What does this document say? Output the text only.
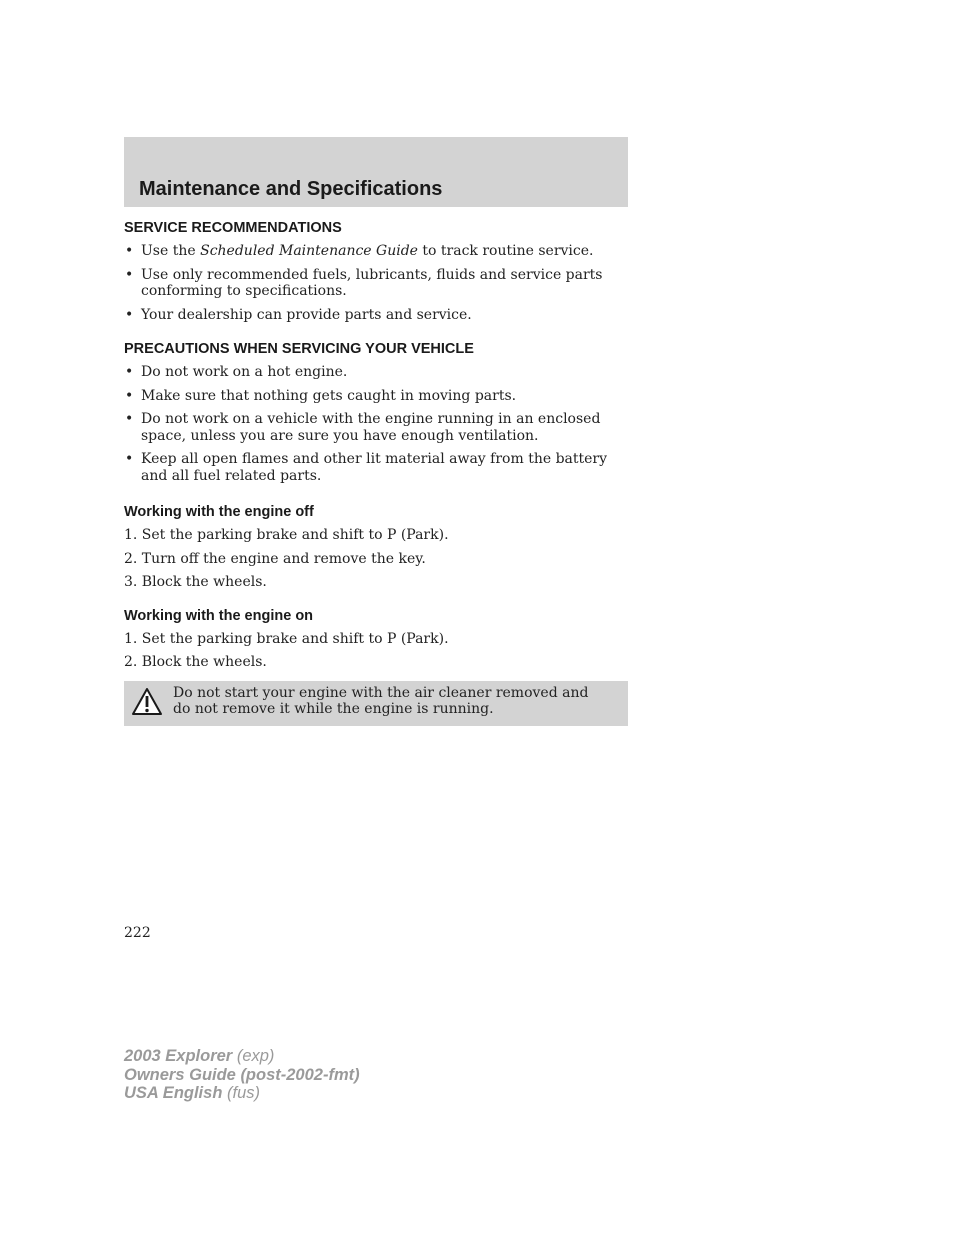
Maintenance and Specifications
SERVICE RECOMMENDATIONS
• Use the Scheduled Maintenance Guide to track routine service.
• Use only recommended fuels, lubricants, fluids and service parts conforming to specifications.
• Your dealership can provide parts and service.
PRECAUTIONS WHEN SERVICING YOUR VEHICLE
• Do not work on a hot engine.
• Make sure that nothing gets caught in moving parts.
• Do not work on a vehicle with the engine running in an enclosed space, unless you are sure you have enough ventilation.
• Keep all open flames and other lit material away from the battery and all fuel related parts.
Working with the engine off
1. Set the parking brake and shift to P (Park).
2. Turn off the engine and remove the key.
3. Block the wheels.
Working with the engine on
1. Set the parking brake and shift to P (Park).
2. Block the wheels.
Do not start your engine with the air cleaner removed and do not remove it while the engine is running.
222
2003 Explorer (exp)
Owners Guide (post-2002-fmt)
USA English (fus)
